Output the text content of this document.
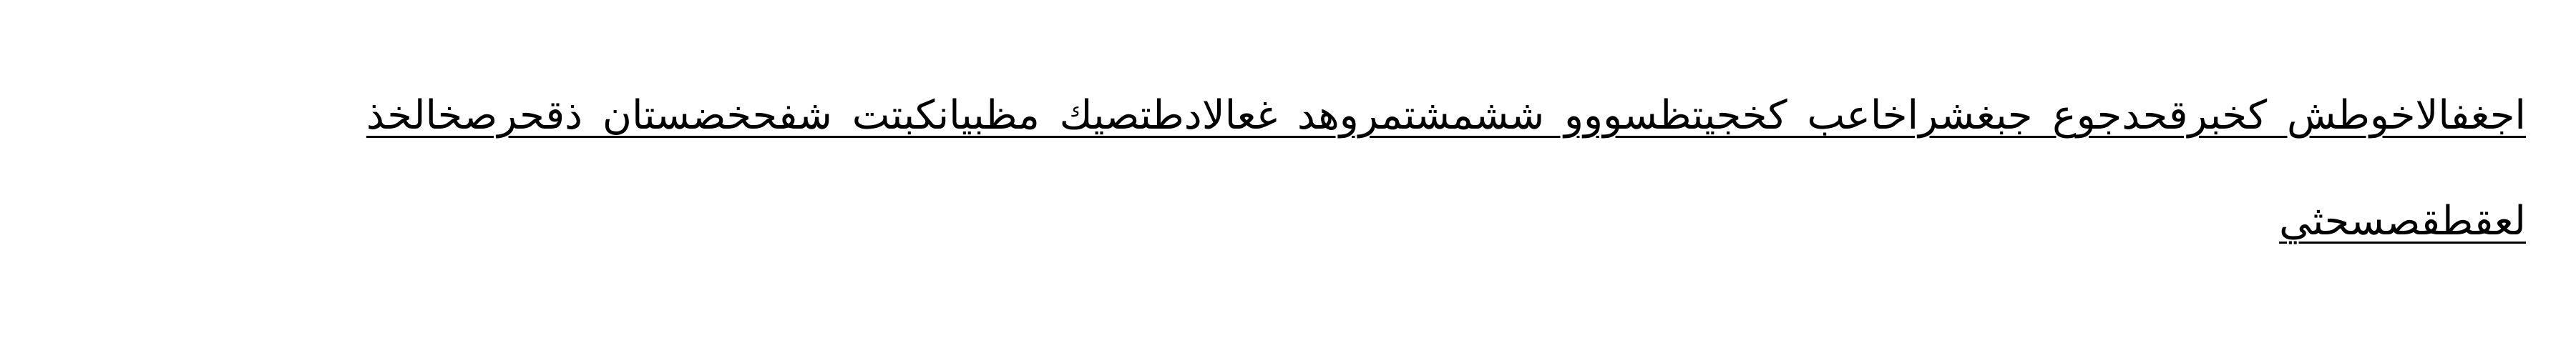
اجغفالاخوطش كخبرقحدجوع جبغشراخاعب كخجيتظسووو ششمشتمروهد غعالادطتصيك مظبيانكبتت شفحخضستان ذقحرصخالخذ لعقطقصسحثي
